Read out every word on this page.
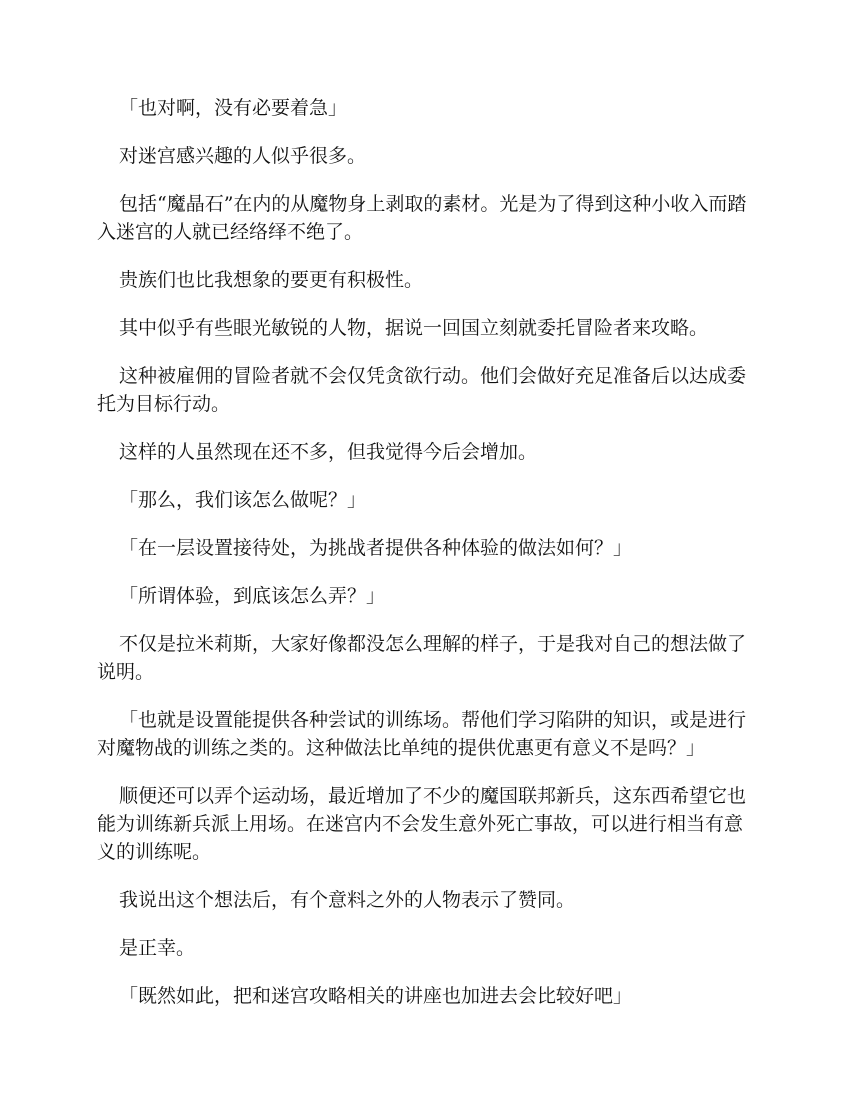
「也对啊，没有必要着急」

对迷宫感兴趣的人似乎很多。

包括“魔晶石”在内的从魔物身上剥取的素材。光是为了得到这种小收入而踏入迷宫的人就已经络绎不绝了。

贵族们也比我想象的要更有积极性。

其中似乎有些眼光敏锐的人物，据说一回国立刻就委托冒险者来攻略。

这种被雇佣的冒险者就不会仅凭贪欲行动。他们会做好充足准备后以达成委托为目标行动。

这样的人虽然现在还不多，但我觉得今后会增加。

「那么，我们该怎么做呢？」

「在一层设置接待处，为挑战者提供各种体验的做法如何？」

「所谓体验，到底该怎么弄？」

不仅是拉米莉斯，大家好像都没怎么理解的样子，于是我对自己的想法做了说明。

「也就是设置能提供各种尝试的训练场。帮他们学习陷阱的知识，或是进行对魔物战的训练之类的。这种做法比单纯的提供优惠更有意义不是吗？」

顺便还可以弄个运动场，最近增加了不少的魔国联邦新兵，这东西希望它也能为训练新兵派上用场。在迷宫内不会发生意外死亡事故，可以进行相当有意义的训练呢。

我说出这个想法后，有个意料之外的人物表示了赞同。

是正幸。

「既然如此，把和迷宫攻略相关的讲座也加进去会比较好吧」
